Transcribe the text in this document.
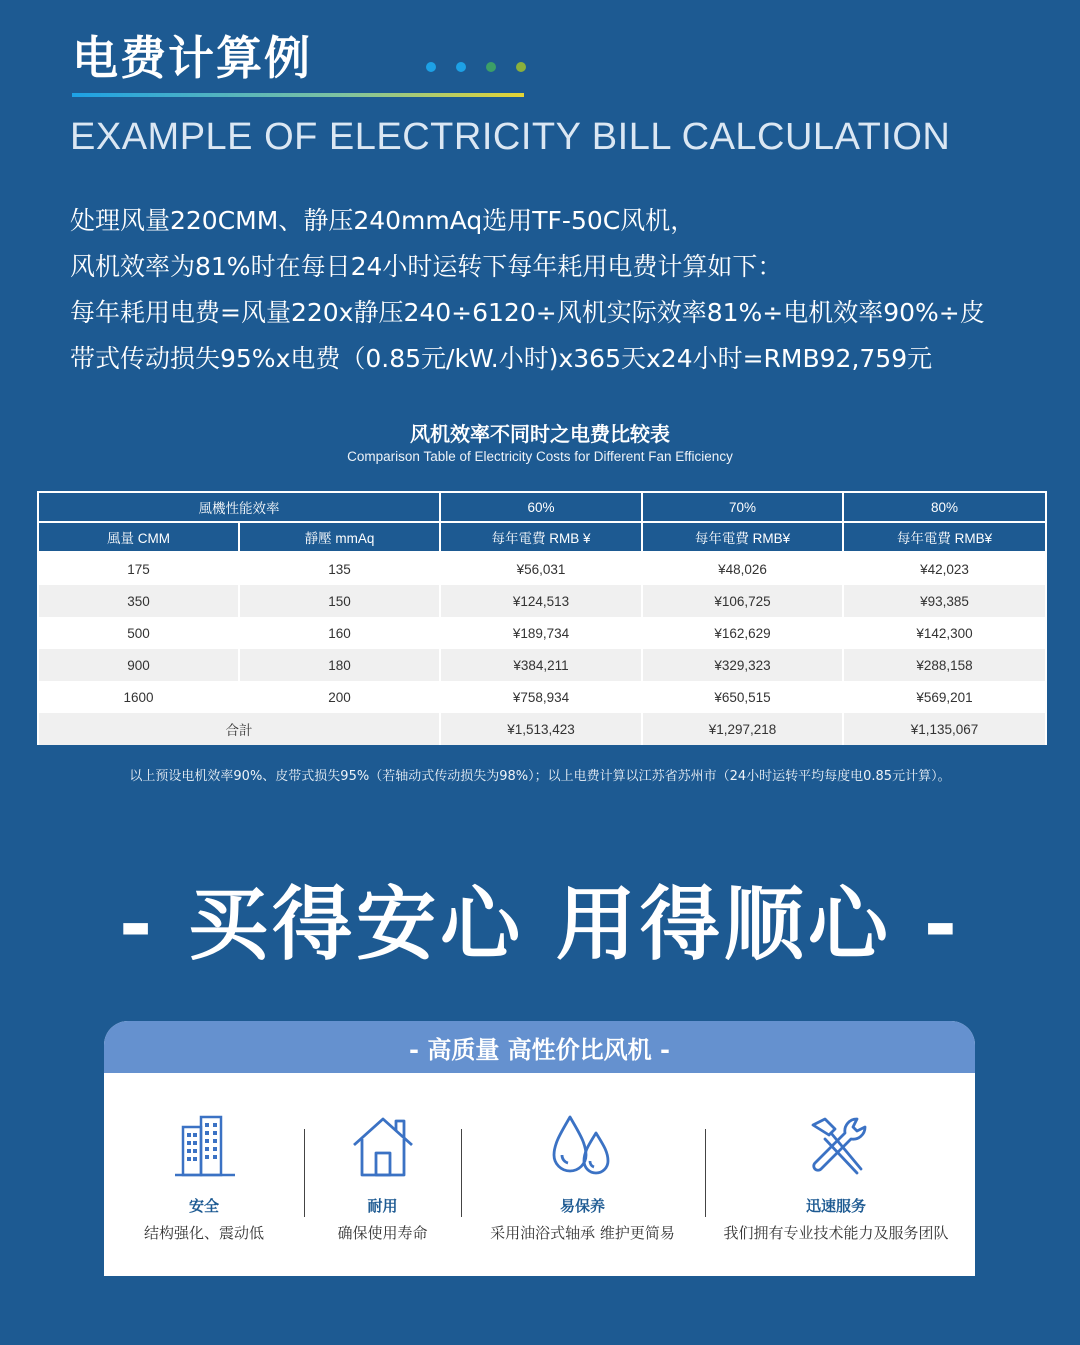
电费计算例
EXAMPLE OF ELECTRICITY BILL CALCULATION

处理风量220CMM、静压240mmAq选用TF-50C风机，

风机效率为81%时在每日24小时运转下每年耗用电费计算如下：

每年耗用电费=风量220x静压240÷6120÷风机实际效率81%÷电机效率90%÷皮

带式传动损失95%x电费（0.85元/kW.小时)x365天x24小时=RMB92,759元

风机效率不同时之电费比较表
Comparison Table of Electricity Costs for Different Fan Efficiency
風機性能效率		60%	70%	80%
風量 CMM	靜壓 mmAq	每年電費 RMB ¥	每年電費 RMB¥	每年電費 RMB¥
175	135	¥56,031	¥48,026	¥42,023
350	150	¥124,513	¥106,725	¥93,385
500	160	¥189,734	¥162,629	¥142,300
900	180	¥384,211	¥329,323	¥288,158
1600	200	¥758,934	¥650,515	¥569,201
合計		¥1,513,423	¥1,297,218	¥1,135,067
以上预设电机效率90%、皮带式损失95%（若轴动式传动损失为98%）；以上电费计算以江苏省苏州市（24小时运转平均每度电0.85元计算）。
- 买得安心 用得顺心 -
- 高质量 高性价比风机 -
安全
结构强化、震动低
耐用
确保使用寿命
易保养
采用油浴式轴承 维护更简易
迅速服务
我们拥有专业技术能力及服务团队
